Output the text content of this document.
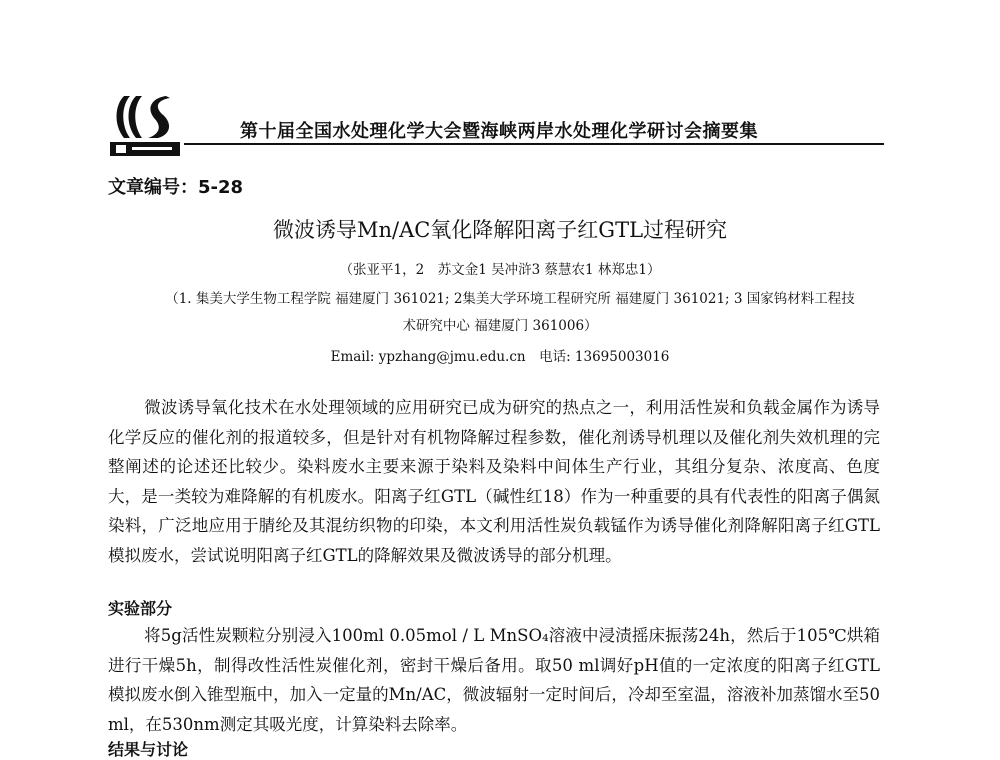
第十届全国水处理化学大会暨海峡两岸水处理化学研讨会摘要集
文章编号：5-28
微波诱导Mn/AC氧化降解阳离子红GTL过程研究
（张亚平1，2　苏文金1 吴冲浒3 蔡慧农1 林郑忠1）
（1. 集美大学生物工程学院 福建厦门 361021; 2集美大学环境工程研究所 福建厦门 361021; 3 国家钨材料工程技
术研究中心 福建厦门 361006）
Email: ypzhang@jmu.edu.cn　电话: 13695003016
微波诱导氧化技术在水处理领域的应用研究已成为研究的热点之一，利用活性炭和负载金属作为诱导化学反应的催化剂的报道较多，但是针对有机物降解过程参数，催化剂诱导机理以及催化剂失效机理的完整阐述的论述还比较少。染料废水主要来源于染料及染料中间体生产行业，其组分复杂、浓度高、色度大，是一类较为难降解的有机废水。阳离子红GTL（碱性红18）作为一种重要的具有代表性的阳离子偶氮染料，广泛地应用于腈纶及其混纺织物的印染，本文利用活性炭负载锰作为诱导催化剂降解阳离子红GTL模拟废水，尝试说明阳离子红GTL的降解效果及微波诱导的部分机理。
实验部分
将5g活性炭颗粒分别浸入100ml 0.05mol / L MnSO₄溶液中浸渍摇床振荡24h，然后于105℃烘箱进行干燥5h，制得改性活性炭催化剂，密封干燥后备用。取50 ml调好pH值的一定浓度的阳离子红GTL 模拟废水倒入锥型瓶中，加入一定量的Mn/AC，微波辐射一定时间后，冷却至室温，溶液补加蒸馏水至50 ml，在530nm测定其吸光度，计算染料去除率。
结果与讨论
